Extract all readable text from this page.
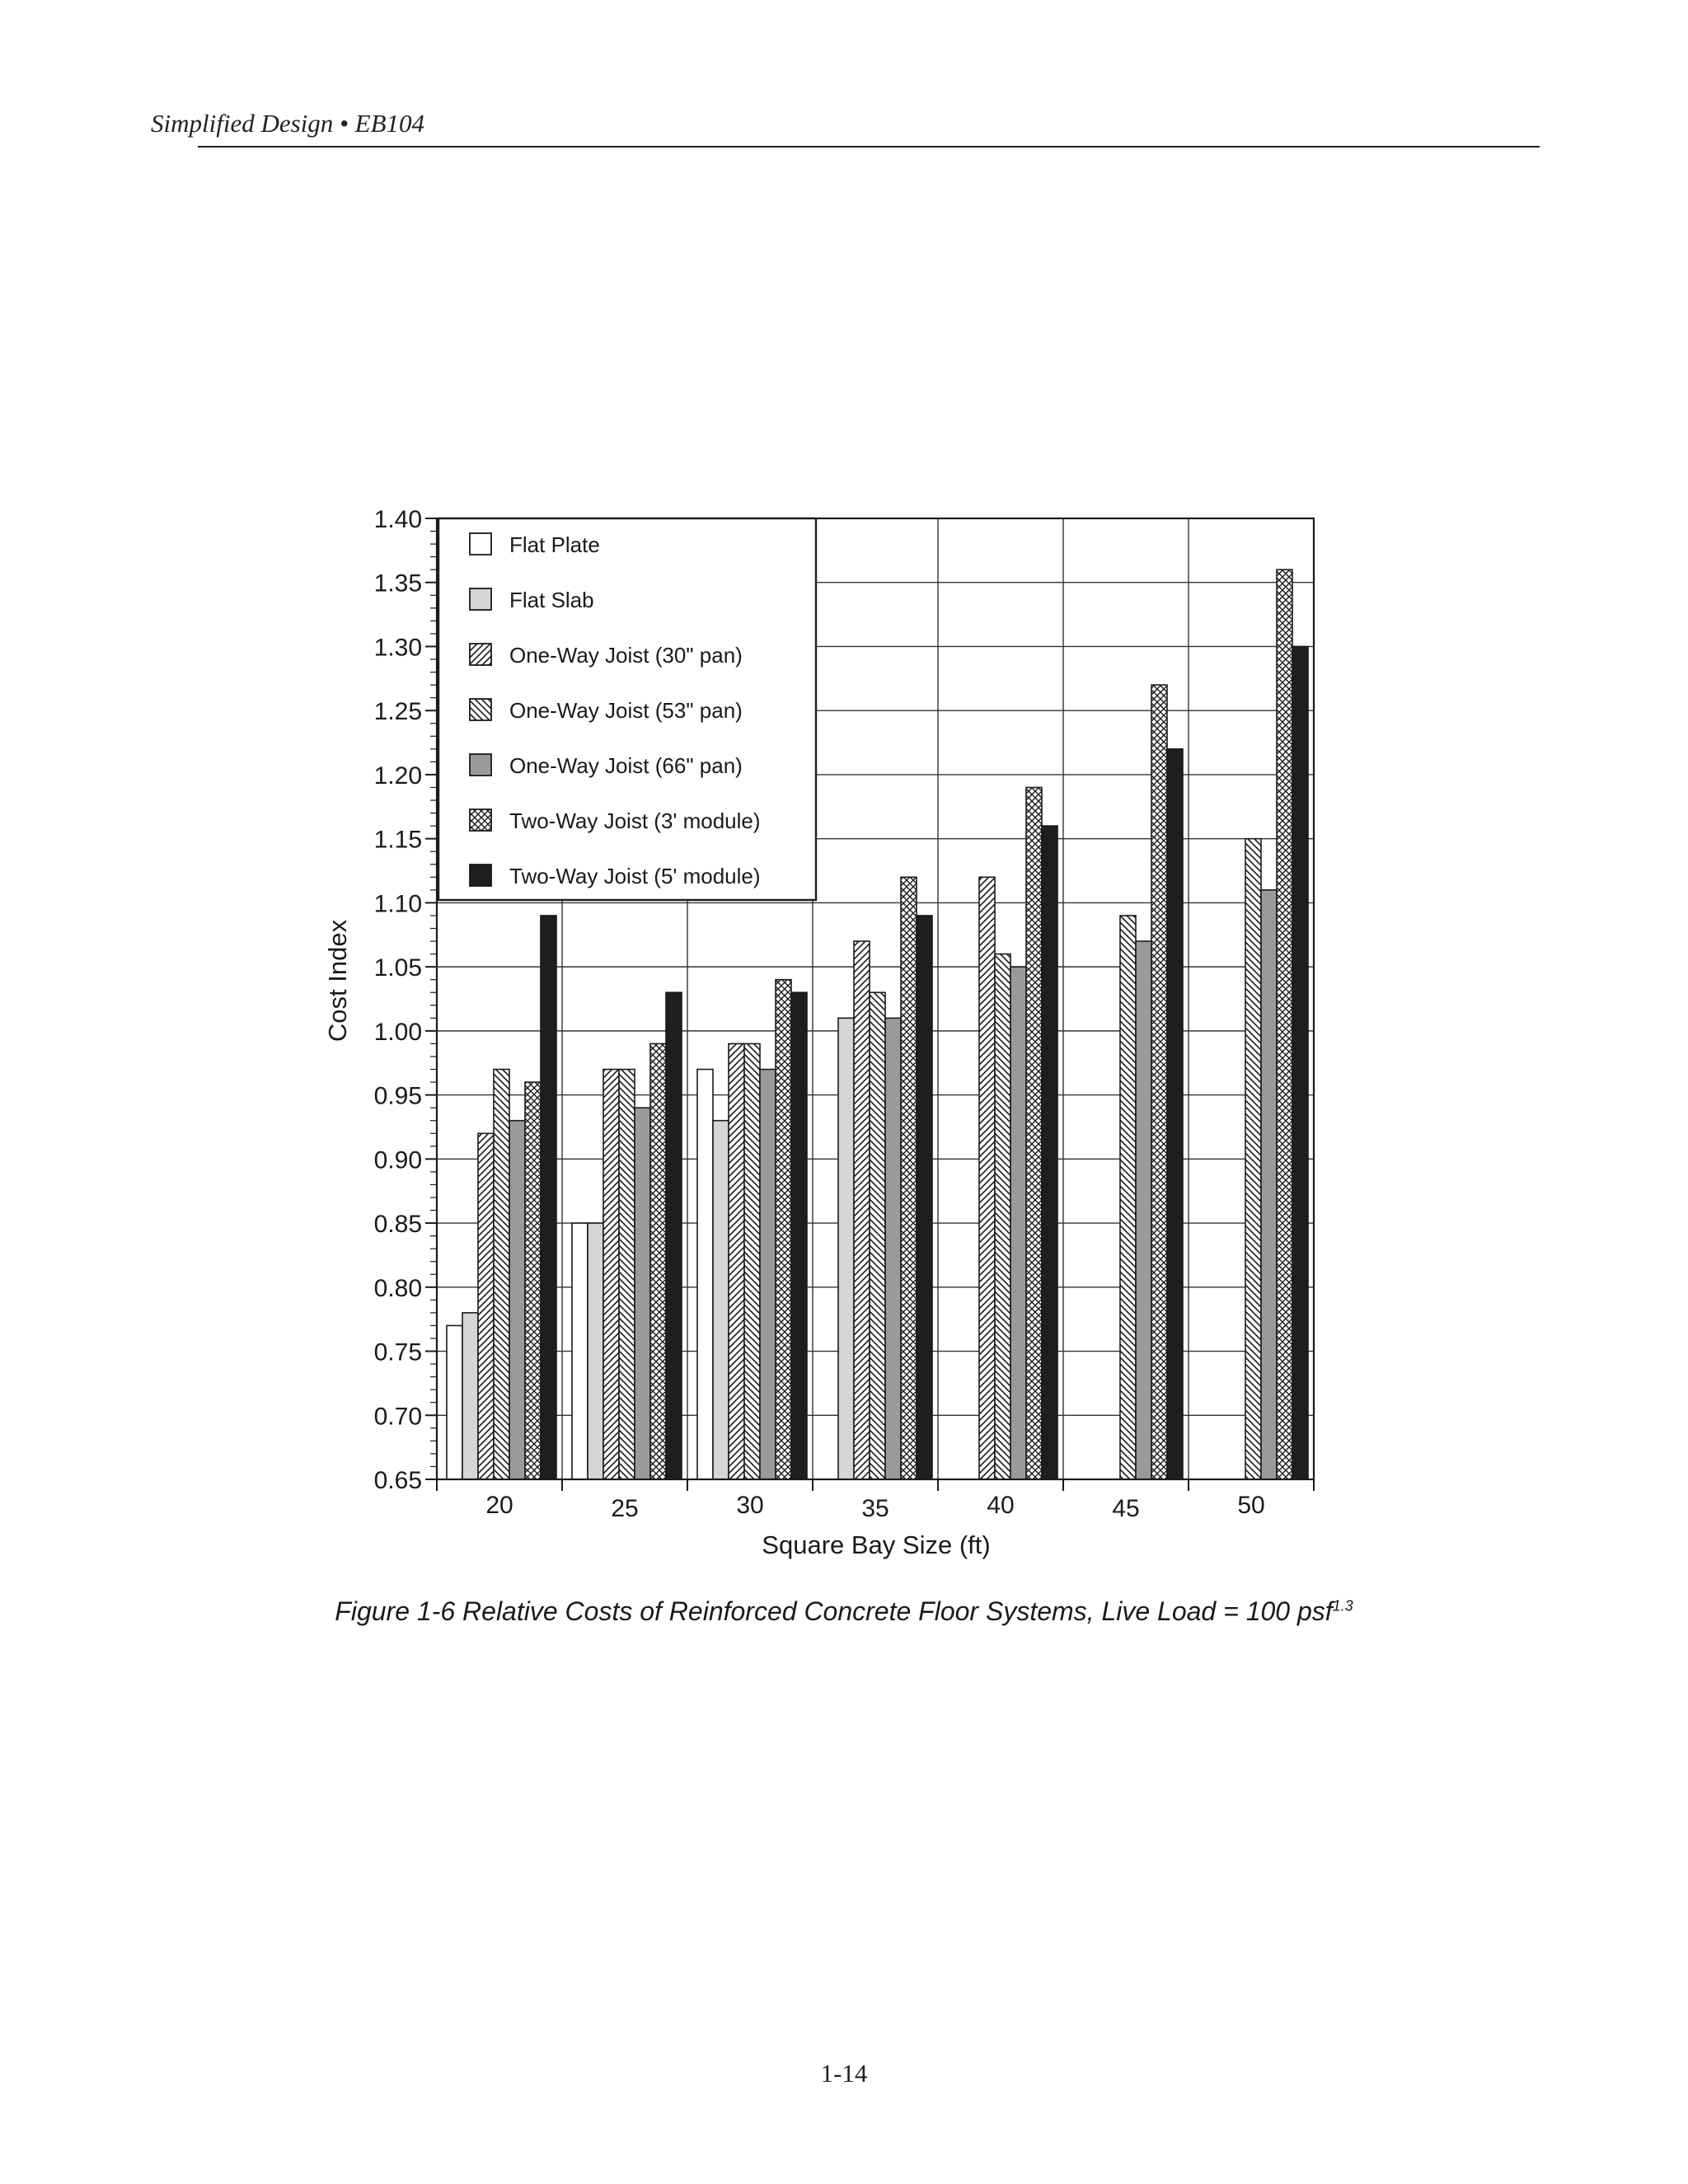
Simplified Design • EB104
0.65
0.70
0.75
0.80
0.85
0.90
0.95
1.00
1.05
1.10
1.15
1.20
1.25
1.30
1.35
1.40
20	25	30	35	40	45	50
Flat Plate
Flat Slab
One-Way Joist (30" pan)
One-Way Joist (53" pan)
One-Way Joist (66" pan)
Two-Way Joist (3' module)
Two-Way Joist (5' module)
Square Bay Size (ft)
Cost Index
Figure 1-6 Relative Costs of Reinforced Concrete Floor Systems, Live Load = 100 psf$^{1.3}$
1-14
